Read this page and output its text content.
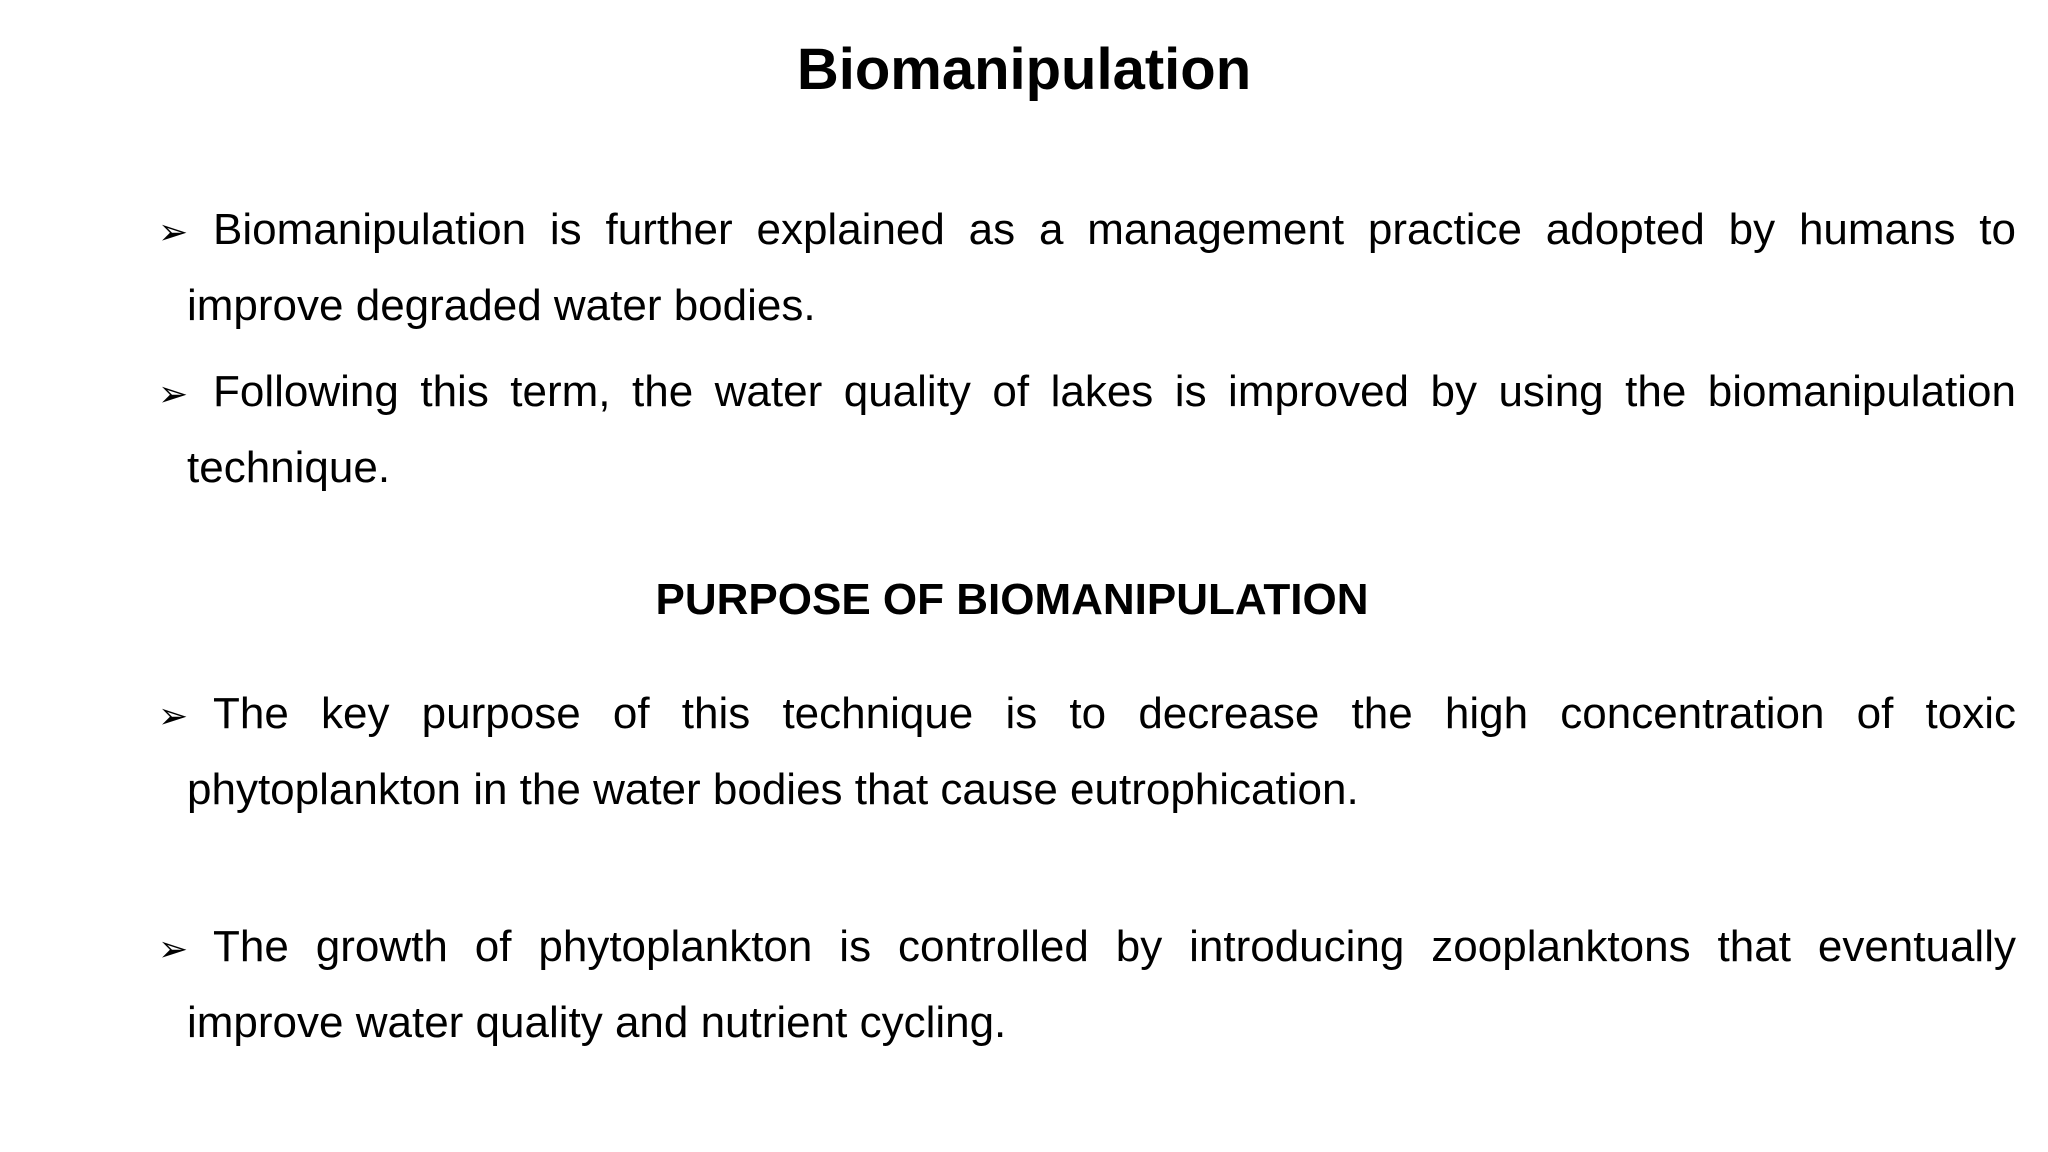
Biomanipulation
➢ Biomanipulation is further explained as a management practice adopted by humans to
improve degraded water bodies.
➢ Following this term, the water quality of lakes is improved by using the biomanipulation
technique.
PURPOSE OF BIOMANIPULATION
➢ The key purpose of this technique is to decrease the high concentration of toxic
phytoplankton in the water bodies that cause eutrophication.
➢ The growth of phytoplankton is controlled by introducing zooplanktons that eventually
improve water quality and nutrient cycling.
